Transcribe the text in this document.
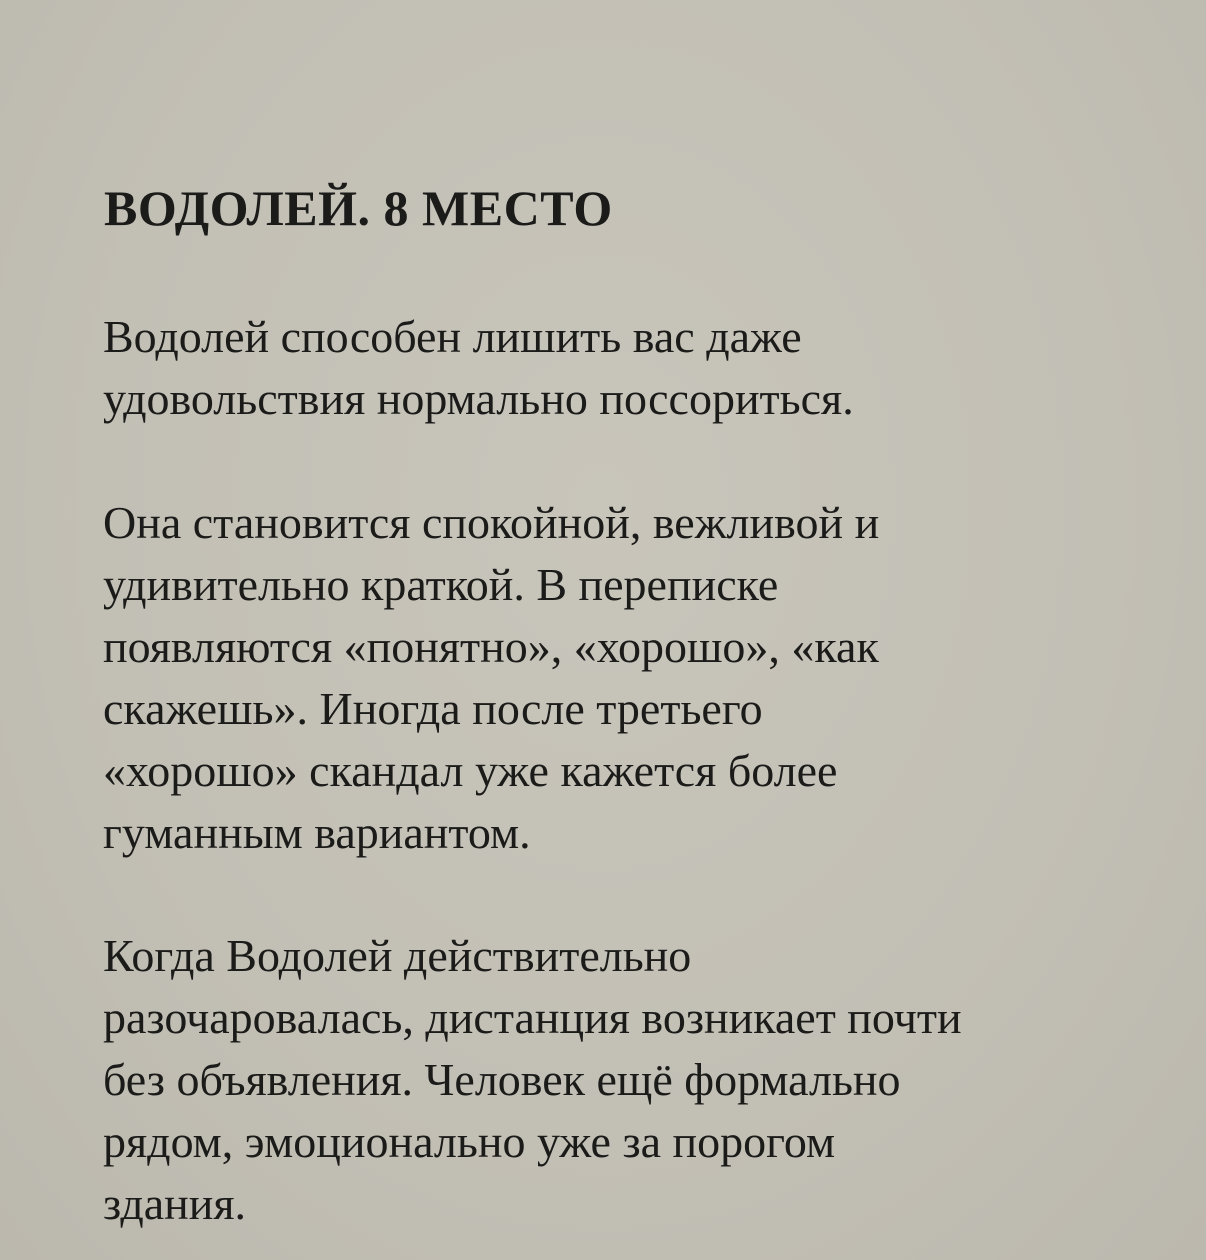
ВОДОЛЕЙ. 8 МЕСТО

Водолей способен лишить вас даже
удовольствия нормально поссориться.

Она становится спокойной, вежливой и
удивительно краткой. В переписке
появляются «понятно», «хорошо», «как
скажешь». Иногда после третьего
«хорошо» скандал уже кажется более
гуманным вариантом.

Когда Водолей действительно
разочаровалась, дистанция возникает почти
без объявления. Человек ещё формально
рядом, эмоционально уже за порогом
здания.
